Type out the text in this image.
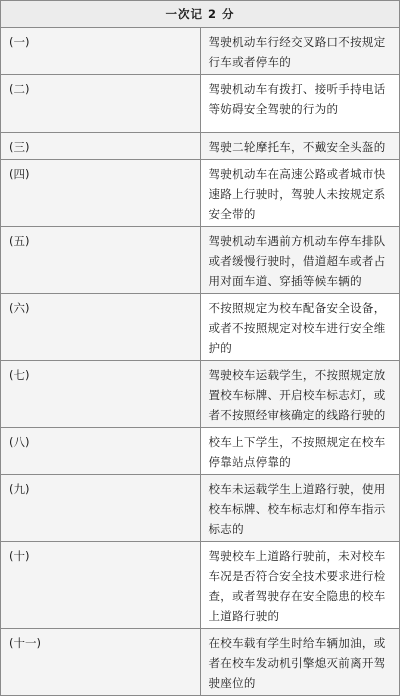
一次记 2 分	
(一)	驾驶机动车行经交叉路口不按规定行车或者停车的
(二)	驾驶机动车有拨打、接听手持电话等妨碍安全驾驶的行为的
(三)	驾驶二轮摩托车，不戴安全头盔的
(四)	驾驶机动车在高速公路或者城市快速路上行驶时，驾驶人未按规定系安全带的
(五)	驾驶机动车遇前方机动车停车排队或者缓慢行驶时，借道超车或者占用对面车道、穿插等候车辆的
(六)	不按照规定为校车配备安全设备，或者不按照规定对校车进行安全维护的
(七)	驾驶校车运载学生，不按照规定放置校车标牌、开启校车标志灯，或者不按照经审核确定的线路行驶的
(八)	校车上下学生，不按照规定在校车停靠站点停靠的
(九)	校车未运载学生上道路行驶，使用校车标牌、校车标志灯和停车指示标志的
(十)	驾驶校车上道路行驶前，未对校车车况是否符合安全技术要求进行检查，或者驾驶存在安全隐患的校车上道路行驶的
(十一)	在校车载有学生时给车辆加油，或者在校车发动机引擎熄灭前离开驾驶座位的
